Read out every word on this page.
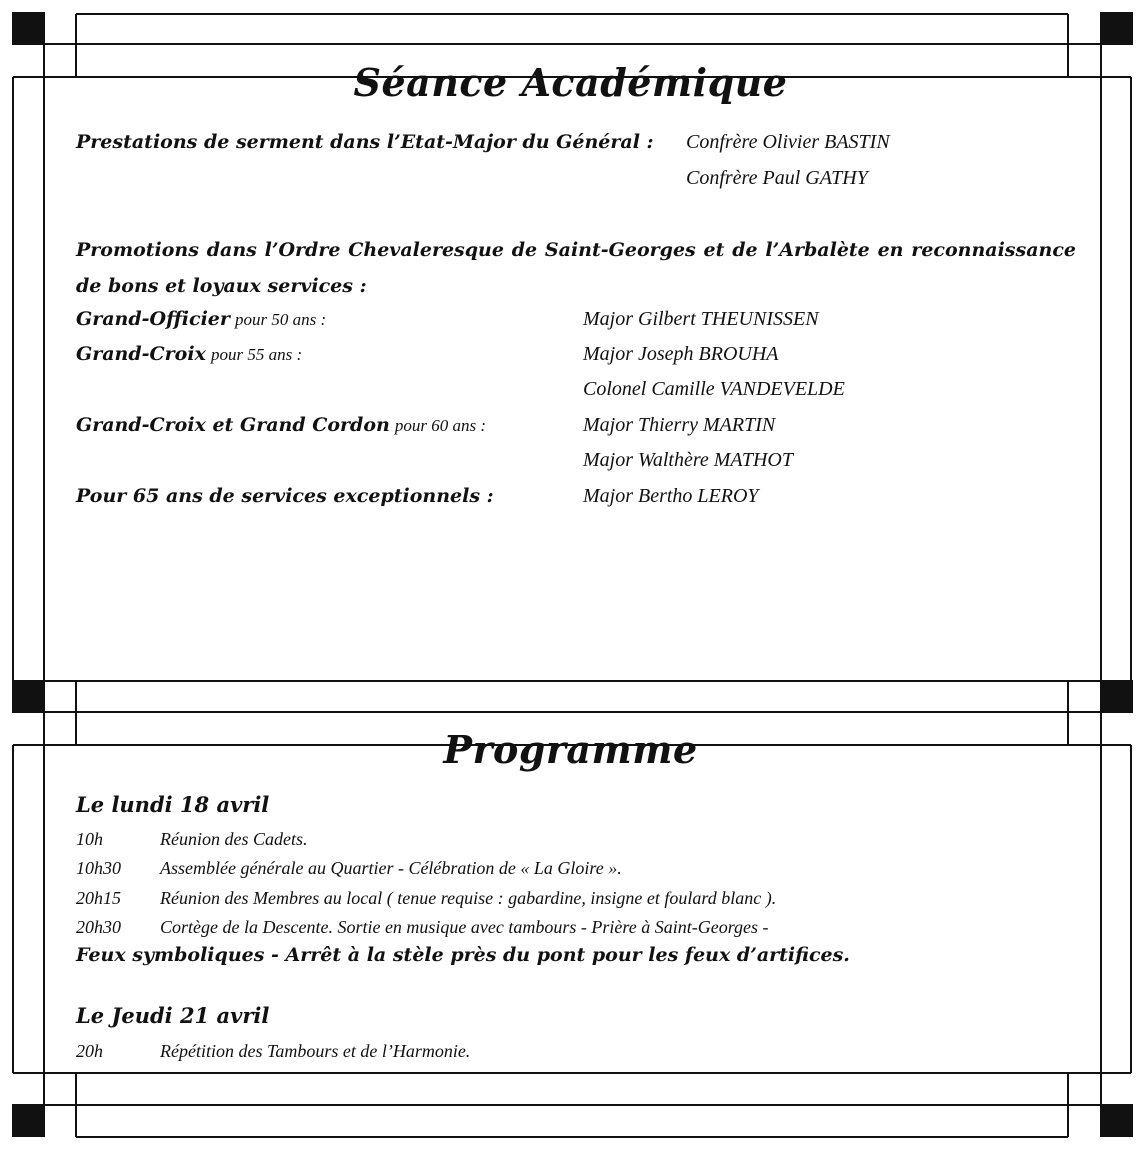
Séance Académique
Prestations de serment dans l’Etat-Major du Général : Confrère Olivier BASTIN
Confrère Paul GATHY
Promotions dans l’Ordre Chevaleresque de Saint-Georges et de l’Arbalète en reconnaissance de bons et loyaux services :
Grand-Officier pour 50 ans :	Major Gilbert THEUNISSEN
Grand-Croix pour 55 ans :	Major Joseph BROUHA
Colonel Camille VANDEVELDE
Grand-Croix et Grand Cordon pour 60 ans :	Major Thierry MARTIN
Major Walthère MATHOT
Pour 65 ans de services exceptionnels :	Major Bertho LEROY
Programme
Le lundi 18 avril
10h	Réunion des Cadets.
10h30 Assemblée générale au Quartier - Célébration de « La Gloire ».
20h15 Réunion des Membres au local ( tenue requise : gabardine, insigne et foulard blanc ).
20h30 Cortège de la Descente. Sortie en musique avec tambours - Prière à Saint-Georges -
Feux symboliques - Arrêt à la stèle près du pont pour les feux d’artifices.
Le Jeudi 21 avril
20h	Répétition des Tambours et de l’Harmonie.
